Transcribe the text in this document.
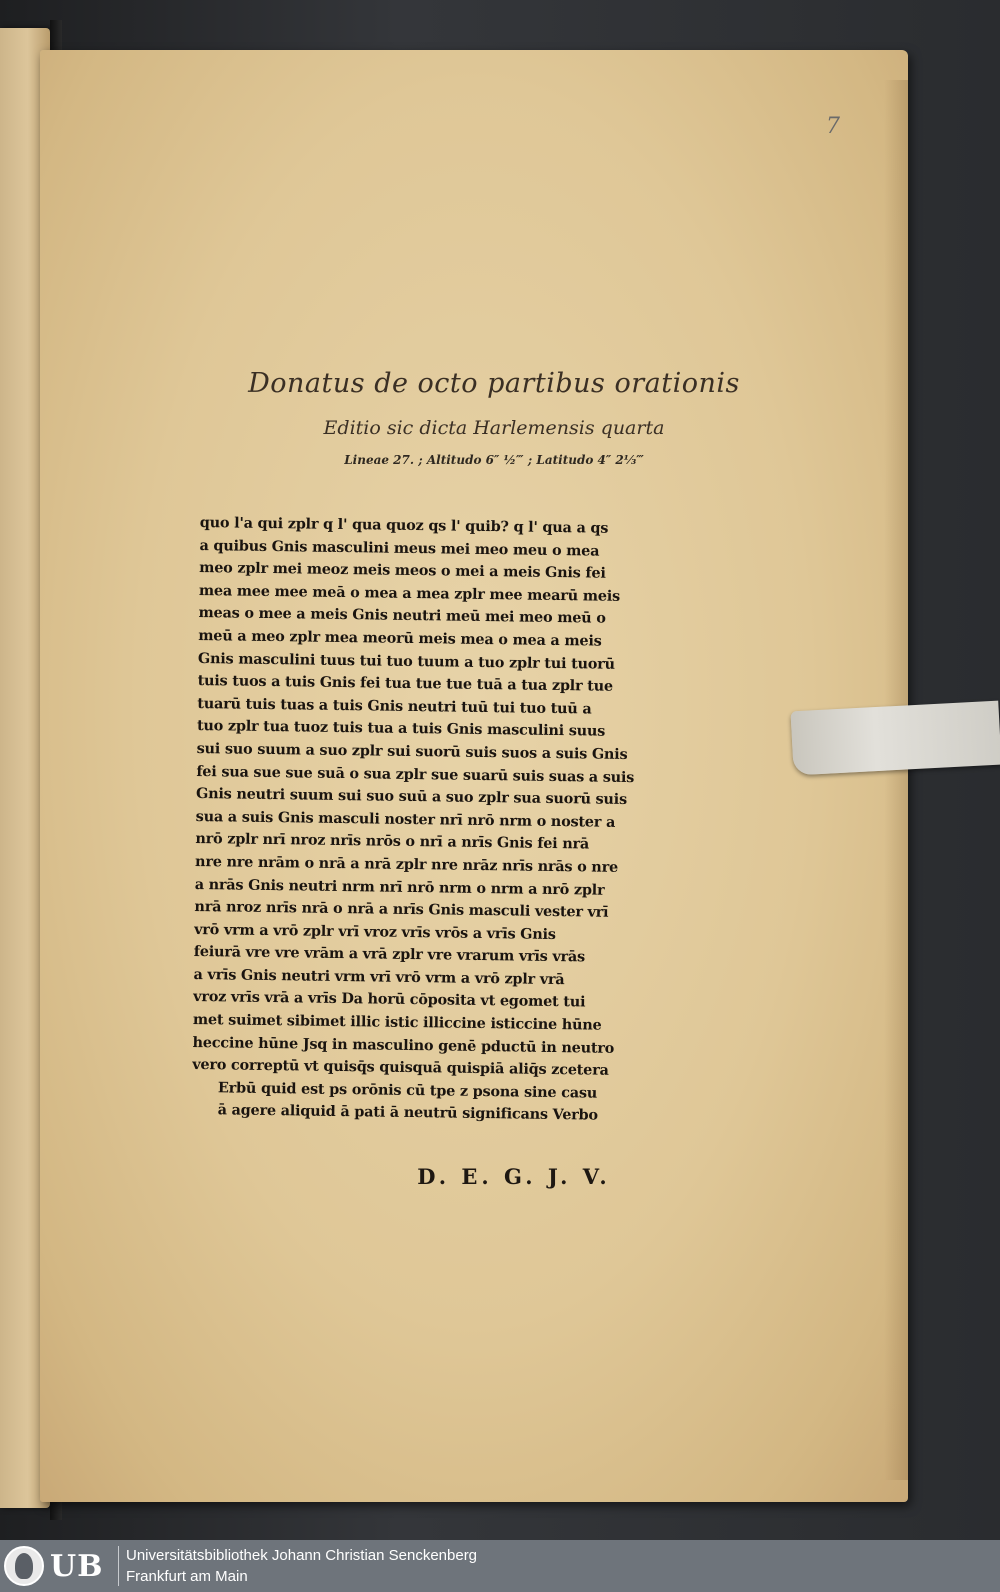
7
Donatus de octo partibus orationis
Editio sic dicta Harlemensis quarta
Lineae 27. ; Altitudo 6″ ½‴ ; Latitudo 4″ 2⅓‴
quo l'a qui zplr q l' qua quoz qs l' quib? q l' qua a qs
a quibus Gnis masculini meus mei meo meu o mea
meo zplr mei meoz meis meos o mei a meis Gnis fei
mea mee mee meā o mea a mea zplr mee mearū meis
meas o mee a meis Gnis neutri meū mei meo meū o
meū a meo zplr mea meorū meis mea o mea a meis
Gnis masculini tuus tui tuo tuum a tuo zplr tui tuorū
tuis tuos a tuis Gnis fei tua tue tue tuā a tua zplr tue
tuarū tuis tuas a tuis Gnis neutri tuū tui tuo tuū a
tuo zplr tua tuoz tuis tua a tuis Gnis masculini suus
sui suo suum a suo zplr sui suorū suis suos a suis Gnis
fei sua sue sue suā o sua zplr sue suarū suis suas a suis
Gnis neutri suum sui suo suū a suo zplr sua suorū suis
sua a suis Gnis masculi noster nrī nrō nrm o noster a
nrō zplr nrī nroz nrīs nrōs o nrī a nrīs Gnis fei nrā
nre nre nrām o nrā a nrā zplr nre nrāz nrīs nrās o nre
a nrās Gnis neutri nrm nrī nrō nrm o nrm a nrō zplr
nrā nroz nrīs nrā o nrā a nrīs Gnis masculi vester vrī
vrō vrm a vrō zplr vrī vroz vrīs vrōs a vrīs Gnis
feiurā vre vre vrām a vrā zplr vre vrarum vrīs vrās
a vrīs Gnis neutri vrm vrī vrō vrm a vrō zplr vrā
vroz vrīs vrā a vrīs Da horū cōposita vt egomet tui
met suimet sibimet illic istic illiccine isticcine hūne
heccine hūne Jsq in masculino genē pductū in neutro
vero correptū vt quisq̄s quisquā quispiā aliq̄s zcetera
Erbū quid est ps orōnis cū tpe z psona sine casu
ā agere aliquid ā pati ā neutrū significans Verbo
D. E. G. J. V.
UB Universitätsbibliothek Johann Christian Senckenberg
Frankfurt am Main
